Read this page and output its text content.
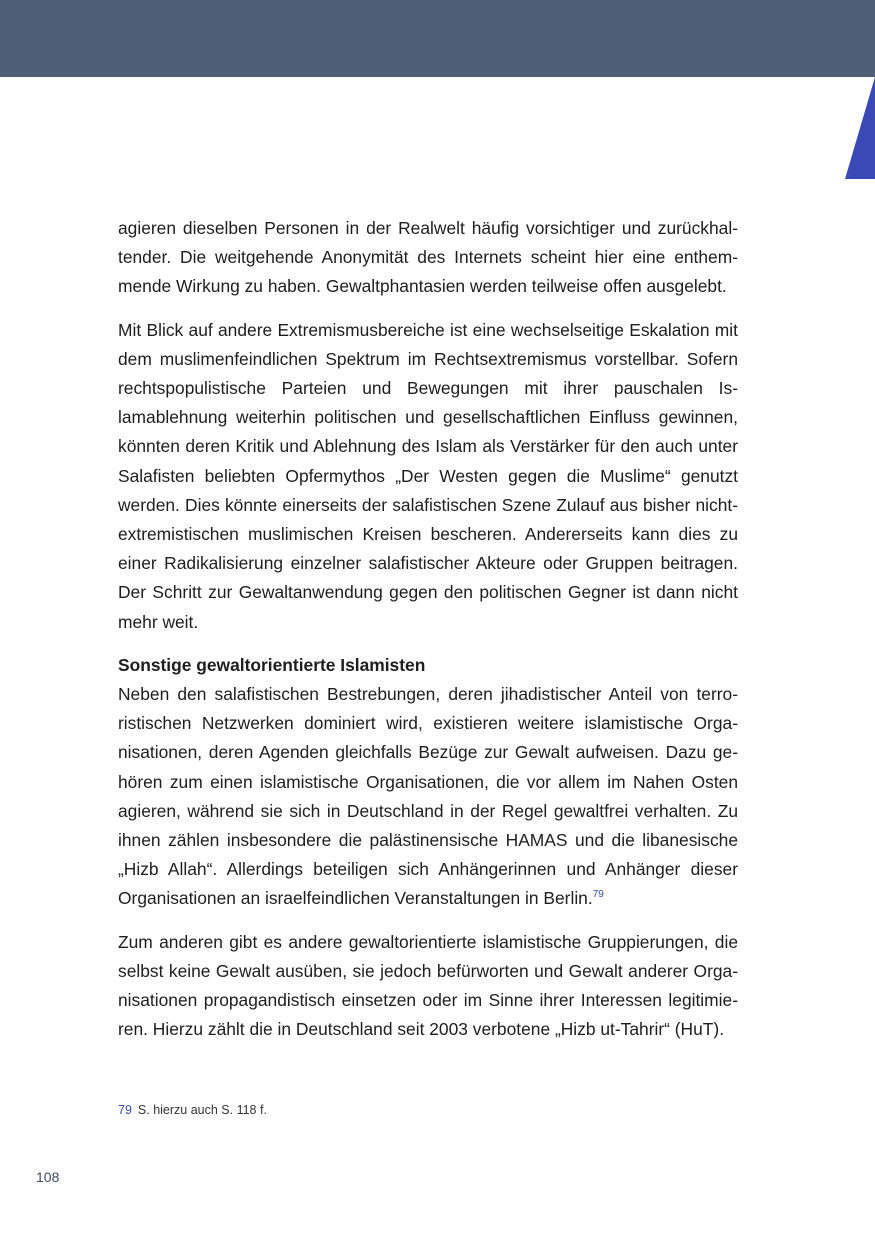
agieren dieselben Personen in der Realwelt häufig vorsichtiger und zurückhaltender. Die weitgehende Anonymität des Internets scheint hier eine enthemmende Wirkung zu haben. Gewaltphantasien werden teilweise offen ausgelebt.

Mit Blick auf andere Extremismusbereiche ist eine wechselseitige Eskalation mit dem muslimenfeindlichen Spektrum im Rechtsextremismus vorstellbar. Sofern rechtspopulistische Parteien und Bewegungen mit ihrer pauschalen Islamablehnung weiterhin politischen und gesellschaftlichen Einfluss gewinnen, könnten deren Kritik und Ablehnung des Islam als Verstärker für den auch unter Salafisten beliebten Opfermythos „Der Westen gegen die Muslime“ genutzt werden. Dies könnte einerseits der salafistischen Szene Zulauf aus bisher nicht-extremistischen muslimischen Kreisen bescheren. Andererseits kann dies zu einer Radikalisierung einzelner salafistischer Akteure oder Gruppen beitragen. Der Schritt zur Gewaltanwendung gegen den politischen Gegner ist dann nicht mehr weit.

Sonstige gewaltorientierte Islamisten

Neben den salafistischen Bestrebungen, deren jihadistischer Anteil von terroristischen Netzwerken dominiert wird, existieren weitere islamistische Organisationen, deren Agenden gleichfalls Bezüge zur Gewalt aufweisen. Dazu gehören zum einen islamistische Organisationen, die vor allem im Nahen Osten agieren, während sie sich in Deutschland in der Regel gewaltfrei verhalten. Zu ihnen zählen insbesondere die palästinensische HAMAS und die libanesische „Hizb Allah“. Allerdings beteiligen sich Anhängerinnen und Anhänger dieser Organisationen an israelfeindlichen Veranstaltungen in Berlin.$^{79}$

Zum anderen gibt es andere gewaltorientierte islamistische Gruppierungen, die selbst keine Gewalt ausüben, sie jedoch befürworten und Gewalt anderer Organisationen propagandistisch einsetzen oder im Sinne ihrer Interessen legitimieren. Hierzu zählt die in Deutschland seit 2003 verbotene „Hizb ut-Tahrir“ (HuT).

79 S. hierzu auch S. 118 f.
108
